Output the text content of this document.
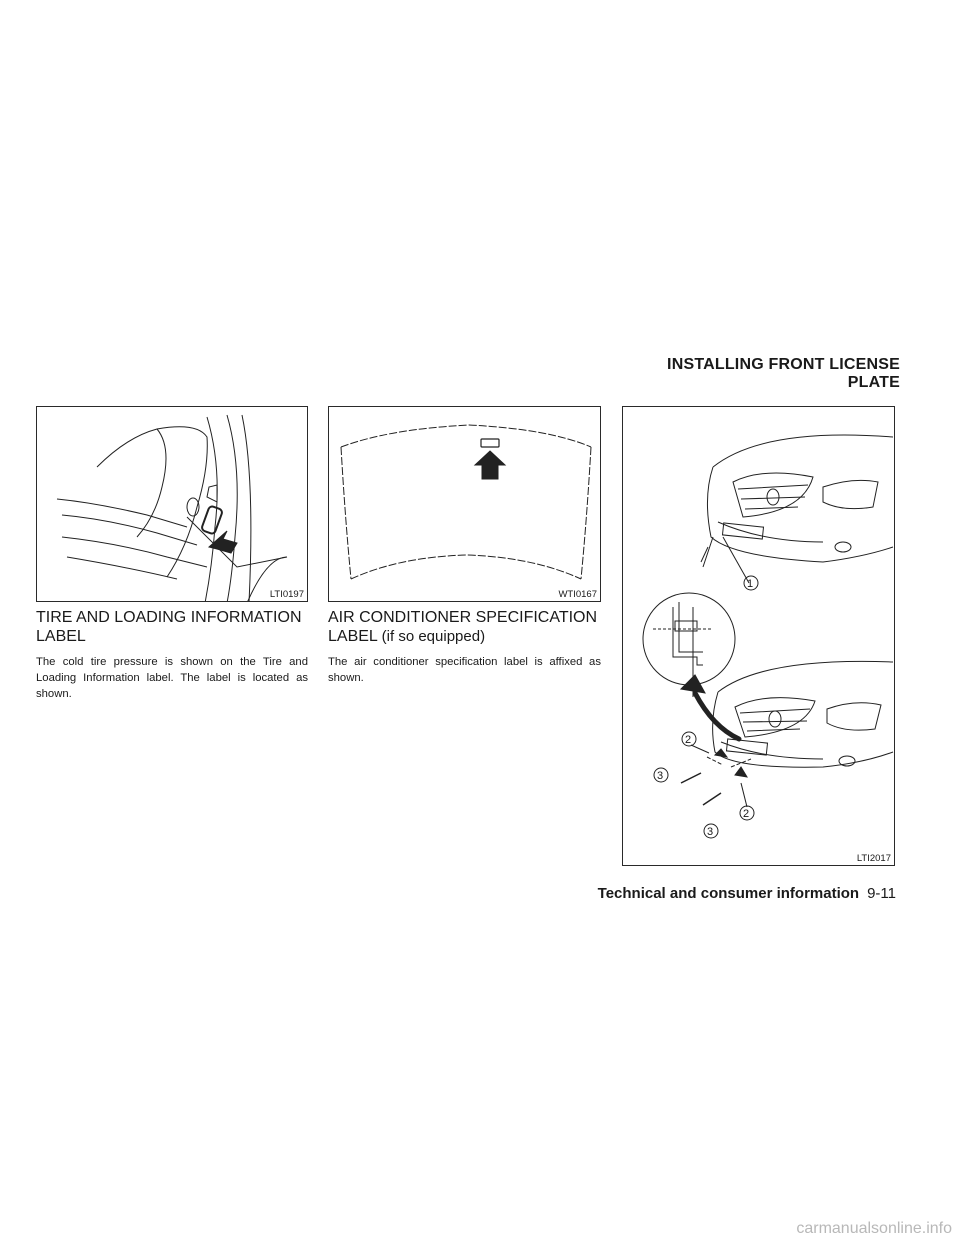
INSTALLING FRONT LICENSE PLATE
LTI0197	WTI0167
1
2
3
2
3
LTI2017
TIRE AND LOADING INFORMATION LABEL

The cold tire pressure is shown on the Tire and Loading Information label. The label is located as shown.

AIR CONDITIONER SPECIFICATION LABEL (if so equipped)

The air conditioner specification label is affixed as shown.

Technical and consumer information 9-11
carmanualsonline.info
